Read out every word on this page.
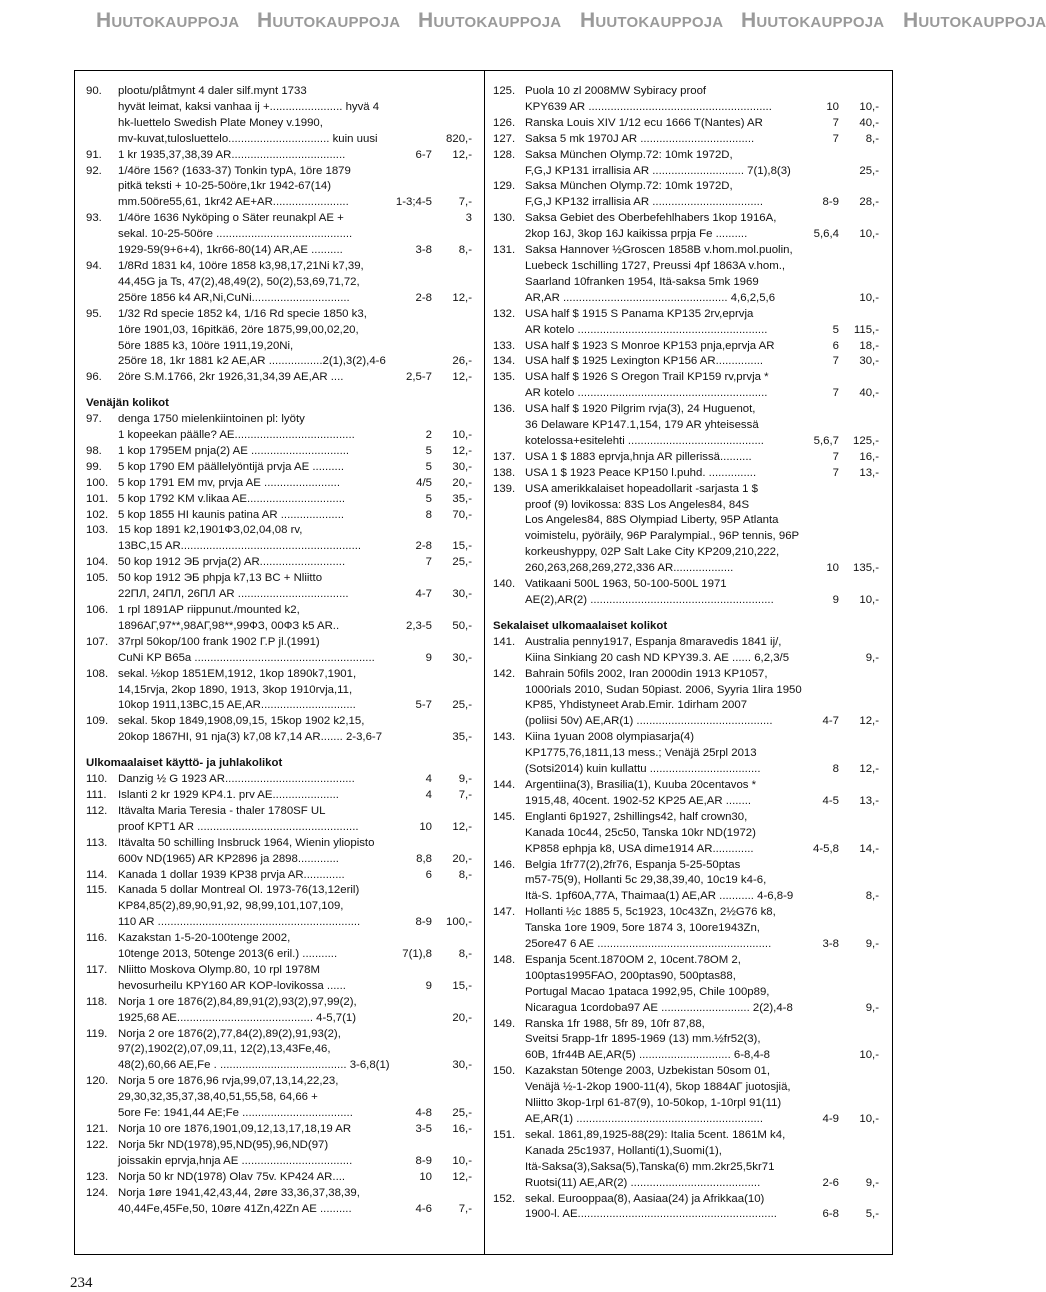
Huutokauppoja Huutokauppoja Huutokauppoja Huutokauppoja Huutokauppoja Huutokauppoja
90.	plootu/plåtmynt 4 daler silf.mynt 1733
hyvät leimat, kaksi vanhaa ij +....................... hyvä 4
hk-luettelo Swedish Plate Money v.1990,
mv-kuvat,tulosluettelo................................ kuin uusi	820,-
91.	1 kr 1935,37,38,39 AR....................................	6-7	12,-
92.	1/4öre 156? (1633-37) Tonkin typA, 1öre 1879
pitkä teksti + 10-25-50öre,1kr 1942-67(14)
mm.50öre55,61, 1kr42 AE+AR........................	1-3;4-5	7,-
93.	1/4öre 1636 Nyköping o Säter reunakpl AE +	3
sekal. 10-25-50öre ...........................................
1929-59(9+6+4), 1kr66-80(14) AR,AE ..........	3-8	8,-
94.	1/8Rd 1831 k4, 10öre 1858 k3,98,17,21Ni k7,39,
44,45G ja Ts, 47(2),48,49(2), 50(2),53,69,71,72,
25öre 1856 k4 AR,Ni,CuNi...............................	2-8	12,-
95.	1/32 Rd specie 1852 k4, 1/16 Rd specie 1850 k3,
1öre 1901,03, 16pitkä6, 2öre 1875,99,00,02,20,
5öre 1885 k3, 10öre 1911,19,20Ni,
25öre 18, 1kr 1881 k2 AE,AR .................2(1),3(2),4-6	26,-
96.	2öre S.M.1766, 2kr 1926,31,34,39 AE,AR ....	2,5-7	12,-
Venäjän kolikot
97.	denga 1750 mielenkiintoinen pl: lyöty
1 kopeekan päälle? AE......................................	2	10,-
98.	1 kop 1795EM pnja(2) AE ...............................	5	12,-
99.	5 kop 1790 EM päällelyöntijä prvja AE ..........	5	30,-
100. 5 kop 1791 EM mv, prvja AE ........................	4/5	20,-
101. 5 kop 1792 KM v.likaa AE...............................	5	35,-
102. 5 kop 1855 HI kaunis patina AR ....................	8	70,-
103. 15 kop 1891 k2,1901ФЗ,02,04,08 rv,
13BC,15 AR.........................................................	2-8	15,-
104. 50 kop 1912 ЭБ prvja(2) AR...........................	7	25,-
105. 50 kop 1912 ЭБ phpja k7,13 BC + Nliitto
22ПЛ, 24ПЛ, 26ПЛ AR ...................................	4-7	30,-
106. 1 rpl 1891АР riippunut./mounted k2,
1896АГ,97**,98АГ,98**,99ФЗ, 00ФЗ k5 AR..	2,3-5	50,-
107. 37rpl 50kop/100 frank 1902 Г.Р jl.(1991)
CuNi KP B65a .........................................................	9	30,-
108. sekal. ½kop 1851EM,1912, 1kop 1890k7,1901,
14,15rvja, 2kop 1890, 1913, 3kop 1910rvja,11,
10kop 1911,13BC,15 AE,AR..............................	5-7	25,-
109. sekal. 5kop 1849,1908,09,15, 15kop 1902 k2,15,
20kop 1867HI, 91 nja(3) k7,08 k7,14 AR....... 2-3,6-7	35,-
Ulkomaalaiset käyttö- ja juhlakolikot
110. Danzig ½ G 1923 AR.........................................	4	9,-
111.	Islanti 2 kr 1929 KP4.1. prv AE.....................	4	7,-
112. Itävalta Maria Teresia - thaler 1780SF UL
proof KPT1 AR ...................................................	10	12,-
113. Itävalta 50 schilling Insbruck 1964, Wienin yliopisto
600v ND(1965) AR KP2896 ja 2898.............	8,8	20,-
114. Kanada 1 dollar 1939 KP38 prvja AR.............	6	8,-
115. Kanada 5 dollar Montreal Ol. 1973-76(13,12eril)
KP84,85(2),89,90,91,92, 98,99,101,107,109,
110 AR ................................................................	8-9	100,-
116. Kazakstan 1-5-20-100tenge 2002,
10tenge 2013, 50tenge 2013(6 eril.) ...........	7(1),8	8,-
117. Nliitto Moskova Olymp.80, 10 rpl 1978M
hevosurheilu KPY160 AR KOP-lovikossa ......	9	15,-
118. Norja 1 ore 1876(2),84,89,91(2),93(2),97,99(2),
1925,68 AE........................................... 4-5,7(1)	20,-
119. Norja 2 ore 1876(2),77,84(2),89(2),91,93(2),
97(2),1902(2),07,09,11, 12(2),13,43Fe,46,
48(2),60,66 AE,Fe . ........................................ 3-6,8(1)	30,-
120. Norja 5 ore 1876,96 rvja,99,07,13,14,22,23,
29,30,32,35,37,38,40,51,55,58, 64,66 +
5ore Fe: 1941,44 AE;Fe ...................................	4-8	25,-
121. Norja 10 ore 1876,1901,09,12,13,17,18,19 AR	3-5	16,-
122. Norja 5kr ND(1978),95,ND(95),96,ND(97)
joissakin eprvja,hnja AE ...................................	8-9	10,-
123. Norja 50 kr ND(1978) Olav 75v. KP424 AR....	10	12,-
124. Norja 1øre 1941,42,43,44, 2øre 33,36,37,38,39,
40,44Fe,45Fe,50, 10øre 41Zn,42Zn AE ..........	4-6	7,-
125. Puola 10 zl 2008MW Sybiracy proof
KPY639 AR ..........................................................	10	10,-
126. Ranska Louis XIV 1/12 ecu 1666 T(Nantes) AR	7	40,-
127. Saksa 5 mk 1970J AR ....................................	7	8,-
128. Saksa München Olymp.72: 10mk 1972D,
F,G,J KP131 irrallisia AR ............................. 7(1),8(3)	25,-
129. Saksa München Olymp.72: 10mk 1972D,
F,G,J KP132 irrallisia AR ...................................	8-9	28,-
130. Saksa Gebiet des Oberbefehlhabers 1kop 1916A,
2kop 16J, 3kop 16J kaikissa prpja Fe ..........	5,6,4	10,-
131. Saksa Hannover ½Groscen 1858B v.hom.mol.puolin,
Luebeck 1schilling 1727, Preussi 4pf 1863A v.hom.,
Saarland 10franken 1954, Itä-saksa 5mk 1969
AR,AR .................................................... 4,6,2,5,6	10,-
132. USA half $ 1915 S Panama KP135 2rv,eprvja
AR kotelo ............................................................	5	115,-
133. USA half $ 1923 S Monroe KP153 pnja,eprvja AR	6	18,-
134. USA half $ 1925 Lexington KP156 AR...............	7	30,-
135. USA half $ 1926 S Oregon Trail KP159 rv,prvja *
AR kotelo ............................................................	7	40,-
136. USA half $ 1920 Pilgrim rvja(3), 24 Huguenot,
36 Delaware KP147.1,154, 179 AR yhteisessä
kotelossa+esitelehti ...........................................	5,6,7	125,-
137. USA 1 $ 1883 eprvja,hnja AR pillerissä..........	7	16,-
138. USA 1 $ 1923 Peace KP150 l.puhd. ...............	7	13,-
139. USA amerikkalaiset hopeadollarit -sarjasta 1 $
proof (9) lovikossa: 83S Los Angeles84, 84S
Los Angeles84, 88S Olympiad Liberty, 95P Atlanta
voimistelu, pyöräily, 96P Paralympial., 96P tennis, 96P
korkeushyppy, 02P Salt Lake City KP209,210,222,
260,263,268,269,272,336 AR...................	10	135,-
140. Vatikaani 500L 1963, 50-100-500L 1971
AE(2),AR(2) ..........................................................	9	10,-
Sekalaiset ulkomaalaiset kolikot
141. Australia penny1917, Espanja 8maravedis 1841 ij/,
Kiina Sinkiang 20 cash ND KPY39.3. AE ...... 6,2,3/5	9,-
142. Bahrain 50fils 2002, Iran 2000din 1913 KP1057,
1000rials 2010, Sudan 50piast. 2006, Syyria 1lira 1950
KP85, Yhdistyneet Arab.Emir. 1dirham 2007
(poliisi 50v) AE,AR(1) ...........................................	4-7	12,-
143. Kiina 1yuan 2008 olympiasarja(4)
KP1775,76,1811,13 mess.; Venäjä 25rpl 2013
(Sotsi2014) kuin kullattu ...................................	8	12,-
144. Argentiina(3), Brasilia(1), Kuuba 20centavos *
1915,48, 40cent. 1902-52 KP25 AE,AR ........	4-5	13,-
145. Englanti 6p1927, 2shillings42, half crown30,
Kanada 10c44, 25c50, Tanska 10kr ND(1972)
KP858 ephpja k8, USA dime1914 AR.............	4-5,8	14,-
146. Belgia 1fr77(2),2fr76, Espanja 5-25-50ptas
m57-75(9), Hollanti 5c 29,38,39,40, 10c19 k4-6,
Itä-S. 1pf60A,77A, Thaimaa(1) AE,AR ........... 4-6,8-9	8,-
147. Hollanti ½c 1885 5, 5c1923, 10c43Zn, 2½G76 k8,
Tanska 1ore 1909, 5ore 1874 3, 10ore1943Zn,
25ore47 6 AE .......................................................	3-8	9,-
148. Espanja 5cent.1870OM 2, 10cent.78OM 2,
100ptas1995FAO, 200ptas90, 500ptas88,
Portugal Macao 1pataca 1992,95, Chile 100p89,
Nicaragua 1cordoba97 AE ............................ 2(2),4-8	9,-
149. Ranska 1fr 1988, 5fr 89, 10fr 87,88,
Sveitsi 5rapp-1fr 1895-1969 (13) mm.½fr52(3),
60B, 1fr44B AE,AR(5) ............................. 6-8,4-8	10,-
150. Kazakstan 50tenge 2003, Uzbekistan 50som 01,
Venäjä ½-1-2kop 1900-11(4), 5kop 1884АГ juotosjiä,
Nliitto 3kop-1rpl 61-87(9), 10-50kop, 1-10rpl 91(11)
AE,AR(1) ...........................................................	4-9	10,-
151. sekal. 1861,89,1925-88(29): Italia 5cent. 1861M k4,
Kanada 25c1937, Hollanti(1),Suomi(1),
Itä-Saksa(3),Saksa(5),Tanska(6) mm.2kr25,5kr71
Ruotsi(11) AE,AR(2) .........................................	2-6	9,-
152. sekal. Eurooppaa(8), Aasiaa(24) ja Afrikkaa(10)
1900-l. AE...............................................................	6-8	5,-
234
